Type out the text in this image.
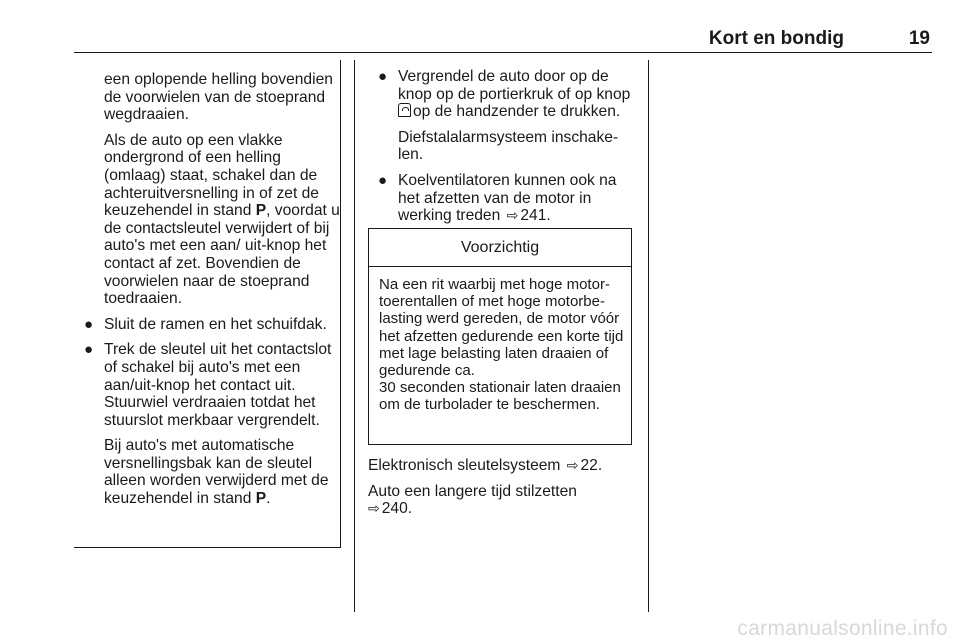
Kort en bondig	19

een oplopende helling bovendien de voorwielen van de stoeprand wegdraaien.

Als de auto op een vlakke ondergrond of een helling (omlaag) staat, schakel dan de achteruitversnelling in of zet de keuzehendel in stand P, voordat u de contactsleutel verwijdert of bij auto's met een aan/ uit-knop het contact af zet. Bovendien de voorwielen naar de stoeprand toedraaien.

● Sluit de ramen en het schuifdak.
● Trek de sleutel uit het contactslot of schakel bij auto's met een aan/uit-knop het contact uit. Stuurwiel verdraaien totdat het stuurslot merkbaar vergrendelt.

Bij auto's met automatische versnellingsbak kan de sleutel alleen worden verwijderd met de keuzehendel in stand P.

● Vergrendel de auto door op de knop op de portierkruk of op knop op de handzender te drukken.

Diefstalalarmsysteem inschakelen.

● Koelventilatoren kunnen ook na het afzetten van de motor in werking treden ⇨ 241.
Voorzichtig
Na een rit waarbij met hoge motortoerentallen of met hoge motorbelasting werd gereden, de motor vóór het afzetten gedurende een korte tijd met lage belasting laten draaien of gedurende ca.
30 seconden stationair laten draaien om de turbolader te beschermen.

Elektronisch sleutelsysteem ⇨ 22.

Auto een langere tijd stilzetten
⇨ 240.

carmanualsonline.info
